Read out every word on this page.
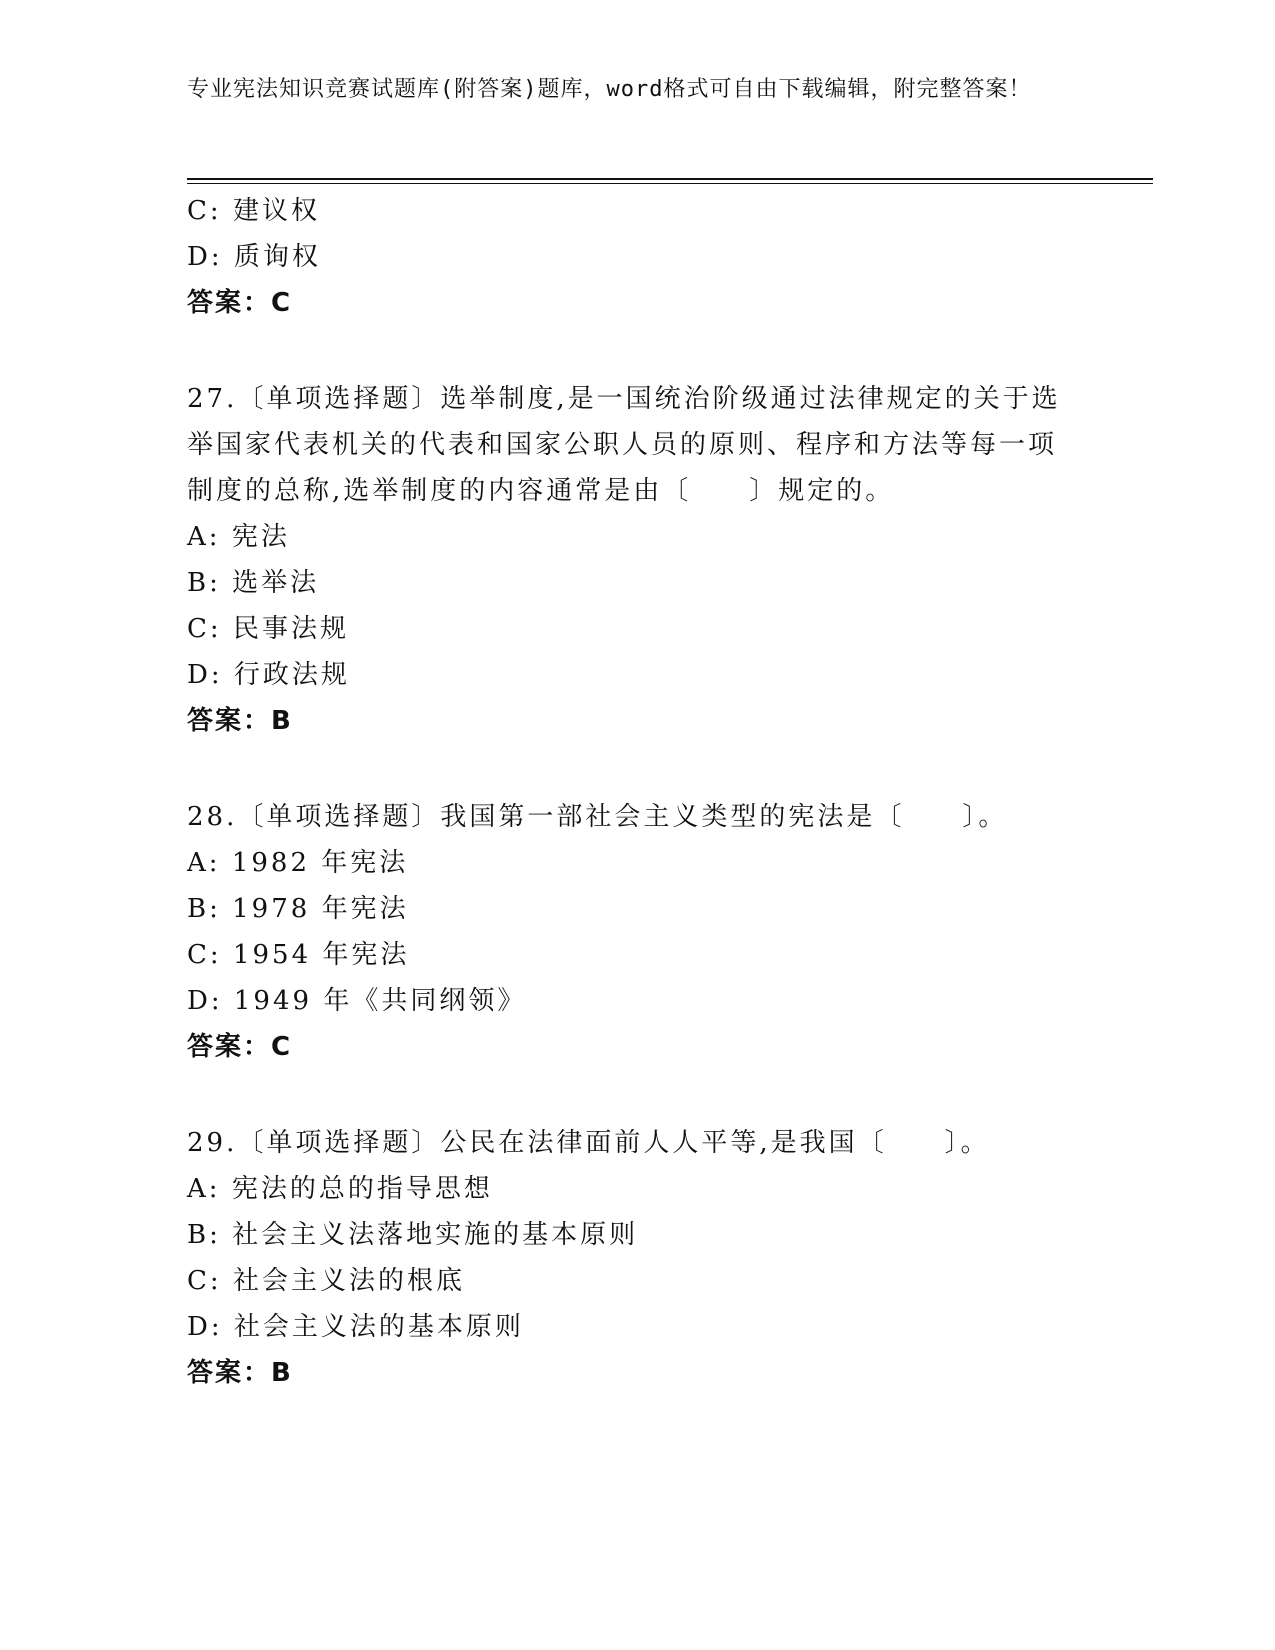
专业宪法知识竞赛试题库(附答案)题库，word格式可自由下载编辑，附完整答案！
C: 建议权
D: 质询权
答案：C
27.〔单项选择题〕选举制度,是一国统治阶级通过法律规定的关于选
举国家代表机关的代表和国家公职人员的原则、程序和方法等每一项
制度的总称,选举制度的内容通常是由〔　　〕规定的。
A: 宪法
B: 选举法
C: 民事法规
D: 行政法规
答案：B
28.〔单项选择题〕我国第一部社会主义类型的宪法是〔　　〕。
A: 1982 年宪法
B: 1978 年宪法
C: 1954 年宪法
D: 1949 年《共同纲领》
答案：C
29.〔单项选择题〕公民在法律面前人人平等,是我国〔　　〕。
A: 宪法的总的指导思想
B: 社会主义法落地实施的基本原则
C: 社会主义法的根底
D: 社会主义法的基本原则
答案：B
